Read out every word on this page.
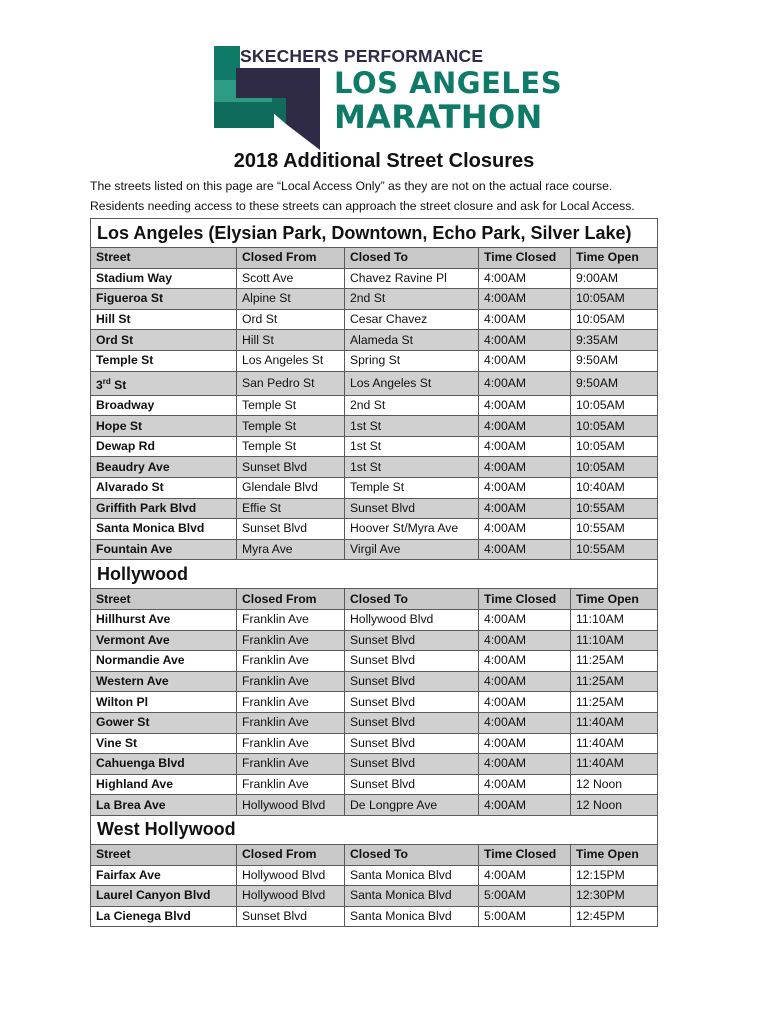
SKECHERS PERFORMANCE
LOS ANGELES
MARATHON
2018 Additional Street Closures

The streets listed on this page are “Local Access Only” as they are not on the actual race course.

Residents needing access to these streets can approach the street closure and ask for Local Access.

Los Angeles (Elysian Park, Downtown, Echo Park, Silver Lake)				
Street	Closed From	Closed To	Time Closed	Time Open
Stadium Way	Scott Ave	Chavez Ravine Pl	4:00AM	9:00AM
Figueroa St	Alpine St	2nd St	4:00AM	10:05AM
Hill St	Ord St	Cesar Chavez	4:00AM	10:05AM
Ord St	Hill St	Alameda St	4:00AM	9:35AM
Temple St	Los Angeles St	Spring St	4:00AM	9:50AM
3rd St	San Pedro St	Los Angeles St	4:00AM	9:50AM
Broadway	Temple St	2nd St	4:00AM	10:05AM
Hope St	Temple St	1st St	4:00AM	10:05AM
Dewap Rd	Temple St	1st St	4:00AM	10:05AM
Beaudry Ave	Sunset Blvd	1st St	4:00AM	10:05AM
Alvarado St	Glendale Blvd	Temple St	4:00AM	10:40AM
Griffith Park Blvd	Effie St	Sunset Blvd	4:00AM	10:55AM
Santa Monica Blvd	Sunset Blvd	Hoover St/Myra Ave	4:00AM	10:55AM
Fountain Ave	Myra Ave	Virgil Ave	4:00AM	10:55AM
Hollywood				
Street	Closed From	Closed To	Time Closed	Time Open
Hillhurst Ave	Franklin Ave	Hollywood Blvd	4:00AM	11:10AM
Vermont Ave	Franklin Ave	Sunset Blvd	4:00AM	11:10AM
Normandie Ave	Franklin Ave	Sunset Blvd	4:00AM	11:25AM
Western Ave	Franklin Ave	Sunset Blvd	4:00AM	11:25AM
Wilton Pl	Franklin Ave	Sunset Blvd	4:00AM	11:25AM
Gower St	Franklin Ave	Sunset Blvd	4:00AM	11:40AM
Vine St	Franklin Ave	Sunset Blvd	4:00AM	11:40AM
Cahuenga Blvd	Franklin Ave	Sunset Blvd	4:00AM	11:40AM
Highland Ave	Franklin Ave	Sunset Blvd	4:00AM	12 Noon
La Brea Ave	Hollywood Blvd	De Longpre Ave	4:00AM	12 Noon
West Hollywood				
Street	Closed From	Closed To	Time Closed	Time Open
Fairfax Ave	Hollywood Blvd	Santa Monica Blvd	4:00AM	12:15PM
Laurel Canyon Blvd	Hollywood Blvd	Santa Monica Blvd	5:00AM	12:30PM
La Cienega Blvd	Sunset Blvd	Santa Monica Blvd	5:00AM	12:45PM
